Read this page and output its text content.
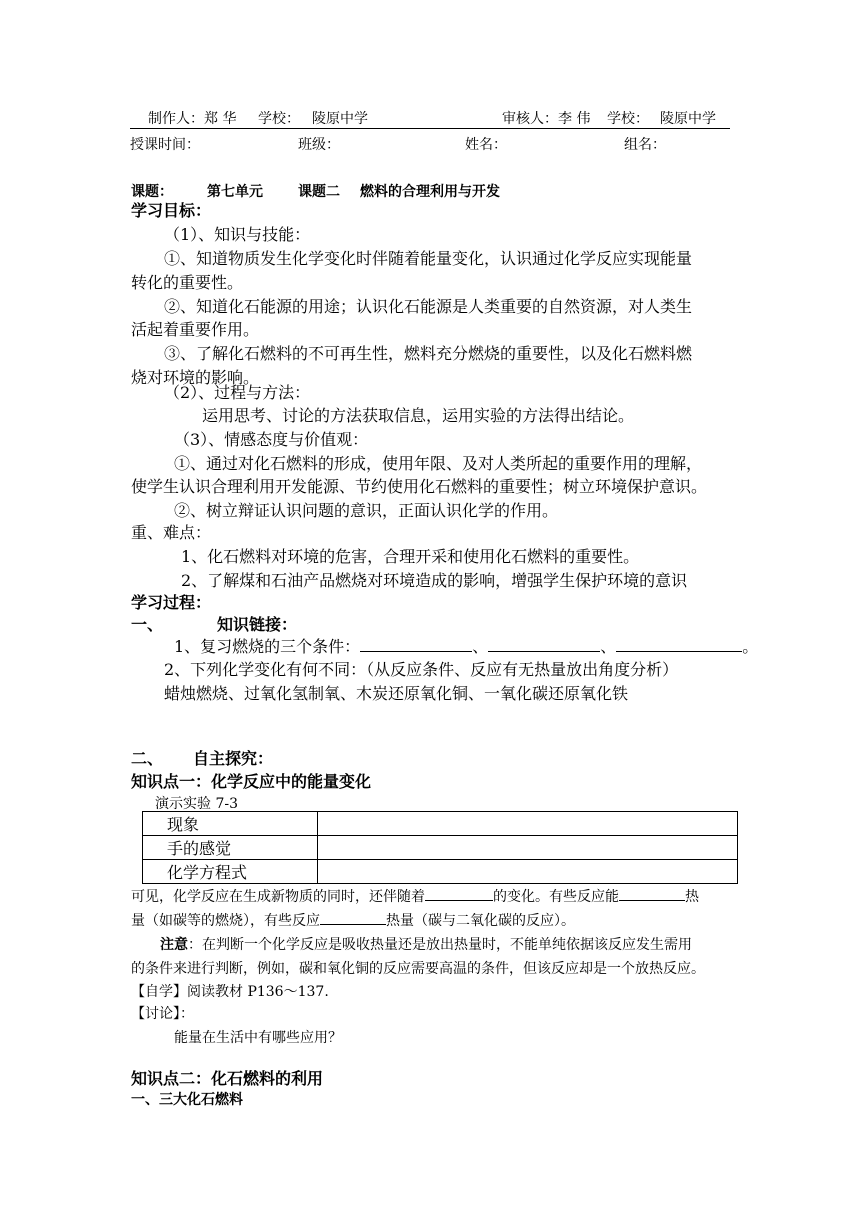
制作人：郑 华 学校： 陵原中学	审核人：李 伟 学校： 陵原中学
授课时间：	班级：	姓名：	组名：
课题： 第七单元	课题二 燃料的合理利用与开发
学习目标：
（1）、知识与技能：
①、知道物质发生化学变化时伴随着能量变化，认识通过化学反应实现能量
转化的重要性。
②、知道化石能源的用途；认识化石能源是人类重要的自然资源，对人类生
活起着重要作用。
③、了解化石燃料的不可再生性，燃料充分燃烧的重要性，以及化石燃料燃
烧对环境的影响。
（2）、过程与方法：
运用思考、讨论的方法获取信息，运用实验的方法得出结论。
（3）、情感态度与价值观：
①、通过对化石燃料的形成，使用年限、及对人类所起的重要作用的理解，
使学生认识合理利用开发能源、节约使用化石燃料的重要性；树立环境保护意识。
②、树立辩证认识问题的意识，正面认识化学的作用。
重、难点：
1、化石燃料对环境的危害，合理开采和使用化石燃料的重要性。
2、了解煤和石油产品燃烧对环境造成的影响，增强学生保护环境的意识
学习过程：
一、	知识链接：
1、复习燃烧的三个条件：	、	、	。
2、下列化学变化有何不同：（从反应条件、反应有无热量放出角度分析）
蜡烛燃烧、过氧化氢制氧、木炭还原氧化铜、一氧化碳还原氧化铁
二、 自主探究：
知识点一：化学反应中的能量变化
演示实验 7-3
现象	
手的感觉	
化学方程式	
可见，化学反应在生成新物质的同时，还伴随着	的变化。有些反应能	热
量（如碳等的燃烧），有些反应	热量（碳与二氧化碳的反应）。
注意：在判断一个化学反应是吸收热量还是放出热量时，不能单纯依据该反应发生需用
的条件来进行判断，例如，碳和氧化铜的反应需要高温的条件，但该反应却是一个放热反应。
【自学】阅读教材 P136～137.
【讨论】：
能量在生活中有哪些应用？
知识点二：化石燃料的利用
一、三大化石燃料
